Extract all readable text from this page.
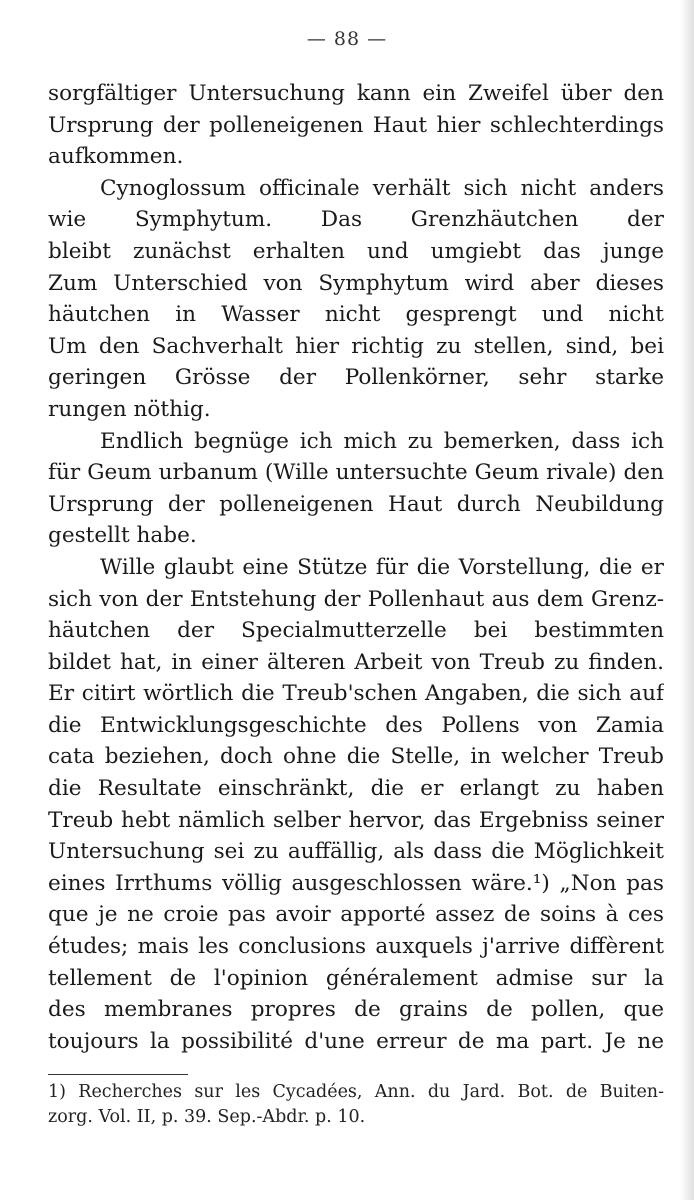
— 88 —
sorgfältiger Untersuchung kann ein Zweifel über den
Ursprung der polleneigenen Haut hier schlechterdings
aufkommen.
Cynoglossum officinale verhält sich nicht anders
wie Symphytum. Das Grenzhäutchen der
bleibt zunächst erhalten und umgiebt das junge
Zum Unterschied von Symphytum wird aber dieses
häutchen in Wasser nicht gesprengt und nicht
Um den Sachverhalt hier richtig zu stellen, sind, bei
geringen Grösse der Pollenkörner, sehr starke
rungen nöthig.
Endlich begnüge ich mich zu bemerken, dass ich
für Geum urbanum (Wille untersuchte Geum rivale) den
Ursprung der polleneigenen Haut durch Neubildung
gestellt habe.
Wille glaubt eine Stütze für die Vorstellung, die er
sich von der Entstehung der Pollenhaut aus dem Grenz-
häutchen der Specialmutterzelle bei bestimmten
bildet hat, in einer älteren Arbeit von Treub zu finden.
Er citirt wörtlich die Treub'schen Angaben, die sich auf
die Entwicklungsgeschichte des Pollens von Zamia
cata beziehen, doch ohne die Stelle, in welcher Treub
die Resultate einschränkt, die er erlangt zu haben
Treub hebt nämlich selber hervor, das Ergebniss seiner
Untersuchung sei zu auffällig, als dass die Möglichkeit
eines Irrthums völlig ausgeschlossen wäre.¹) „Non pas
que je ne croie pas avoir apporté assez de soins à ces
études; mais les conclusions auxquels j'arrive diffèrent
tellement de l'opinion généralement admise sur la
des membranes propres de grains de pollen, que
toujours la possibilité d'une erreur de ma part. Je ne
1) Recherches sur les Cycadées, Ann. du Jard. Bot. de Buiten-
zorg. Vol. II, p. 39. Sep.-Abdr. p. 10.
